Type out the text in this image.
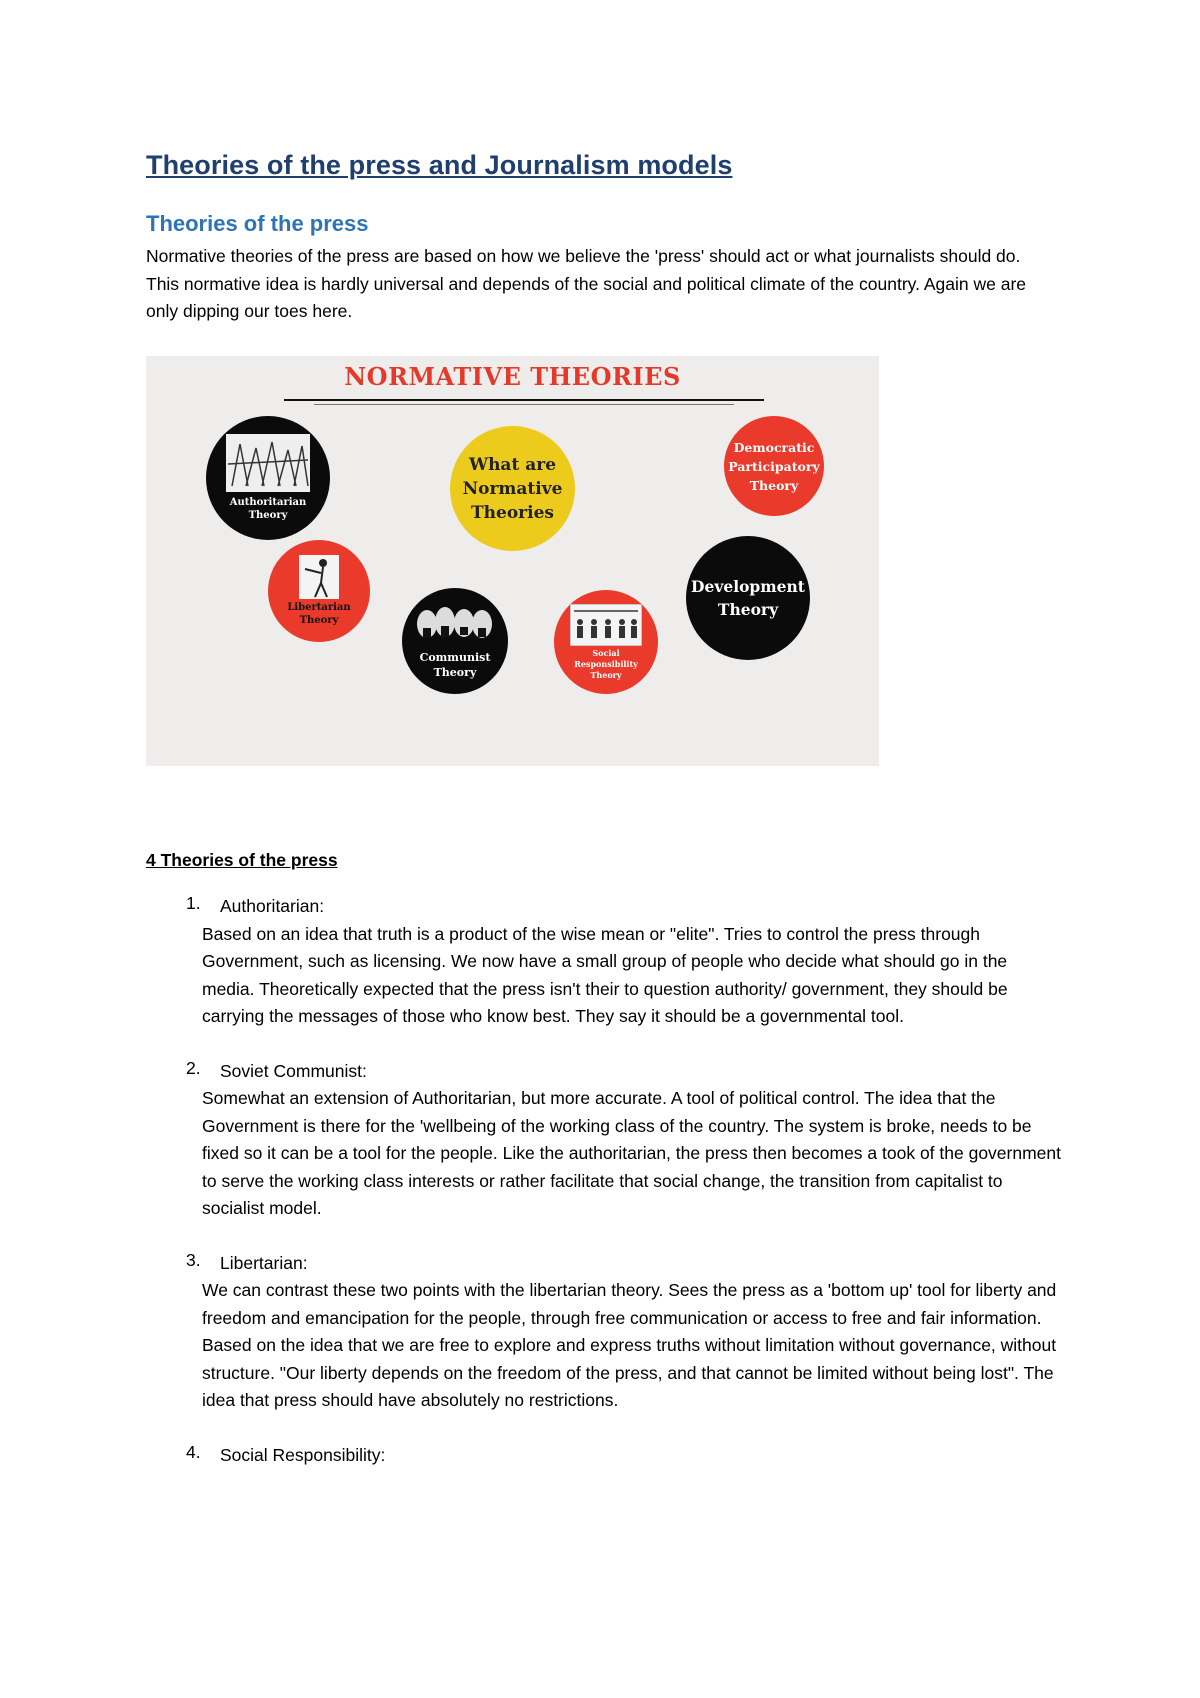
Theories of the press and Journalism models
Theories of the press

Normative theories of the press are based on how we believe the 'press' should act or what journalists should do. This normative idea is hardly universal and depends of the social and political climate of the country. Again we are only dipping our toes here.

NORMATIVE THEORIES
Authoritarian
Theory
What are
Normative
Theories
Democratic
Participatory
Theory
Libertarian
Theory
Communist
Theory
Social
Responsibility
Theory
Development
Theory

4 Theories of the press

1. Authoritarian:
Based on an idea that truth is a product of the wise mean or "elite". Tries to control the press through Government, such as licensing. We now have a small group of people who decide what should go in the media. Theoretically expected that the press isn't their to question authority/ government, they should be carrying the messages of those who know best. They say it should be a governmental tool.
2. Soviet Communist:
Somewhat an extension of Authoritarian, but more accurate. A tool of political control. The idea that the Government is there for the 'wellbeing of the working class of the country. The system is broke, needs to be fixed so it can be a tool for the people. Like the authoritarian, the press then becomes a took of the government to serve the working class interests or rather facilitate that social change, the transition from capitalist to socialist model.
3. Libertarian:
We can contrast these two points with the libertarian theory. Sees the press as a 'bottom up' tool for liberty and freedom and emancipation for the people, through free communication or access to free and fair information. Based on the idea that we are free to explore and express truths without limitation without governance, without structure. "Our liberty depends on the freedom of the press, and that cannot be limited without being lost". The idea that press should have absolutely no restrictions.
4. Social Responsibility:
